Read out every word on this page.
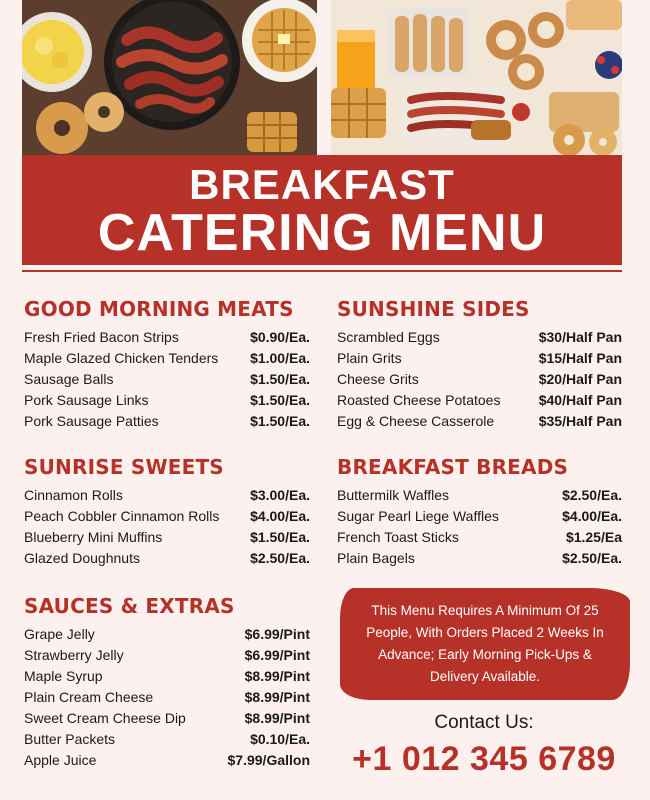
BREAKFAST
CATERING MENU
GOOD MORNING MEATS
Fresh Fried Bacon Strips	$0.90/Ea.
Maple Glazed Chicken Tenders $1.00/Ea.
Sausage Balls	$1.50/Ea.
Pork Sausage Links	$1.50/Ea.
Pork Sausage Patties	$1.50/Ea.
SUNSHINE SIDES
Scrambled Eggs	$30/Half Pan
Plain Grits	$15/Half Pan
Cheese Grits	$20/Half Pan
Roasted Cheese Potatoes	$40/Half Pan
Egg & Cheese Casserole	$35/Half Pan
SUNRISE SWEETS
Cinnamon Rolls	$3.00/Ea.
Peach Cobbler Cinnamon Rolls $4.00/Ea.
Blueberry Mini Muffins	$1.50/Ea.
Glazed Doughnuts	$2.50/Ea.
BREAKFAST BREADS
Buttermilk Waffles	$2.50/Ea.
Sugar Pearl Liege Waffles	$4.00/Ea.
French Toast Sticks	$1.25/Ea
Plain Bagels	$2.50/Ea.
SAUCES & EXTRAS
Grape Jelly	$6.99/Pint
Strawberry Jelly	$6.99/Pint
Maple Syrup	$8.99/Pint
Plain Cream Cheese	$8.99/Pint
Sweet Cream Cheese Dip	$8.99/Pint
Butter Packets	$0.10/Ea.
Apple Juice	$7.99/Gallon
This Menu Requires A Minimum Of 25 People, With Orders Placed 2 Weeks In Advance; Early Morning Pick-Ups & Delivery Available.
Contact Us:
+1 012 345 6789
